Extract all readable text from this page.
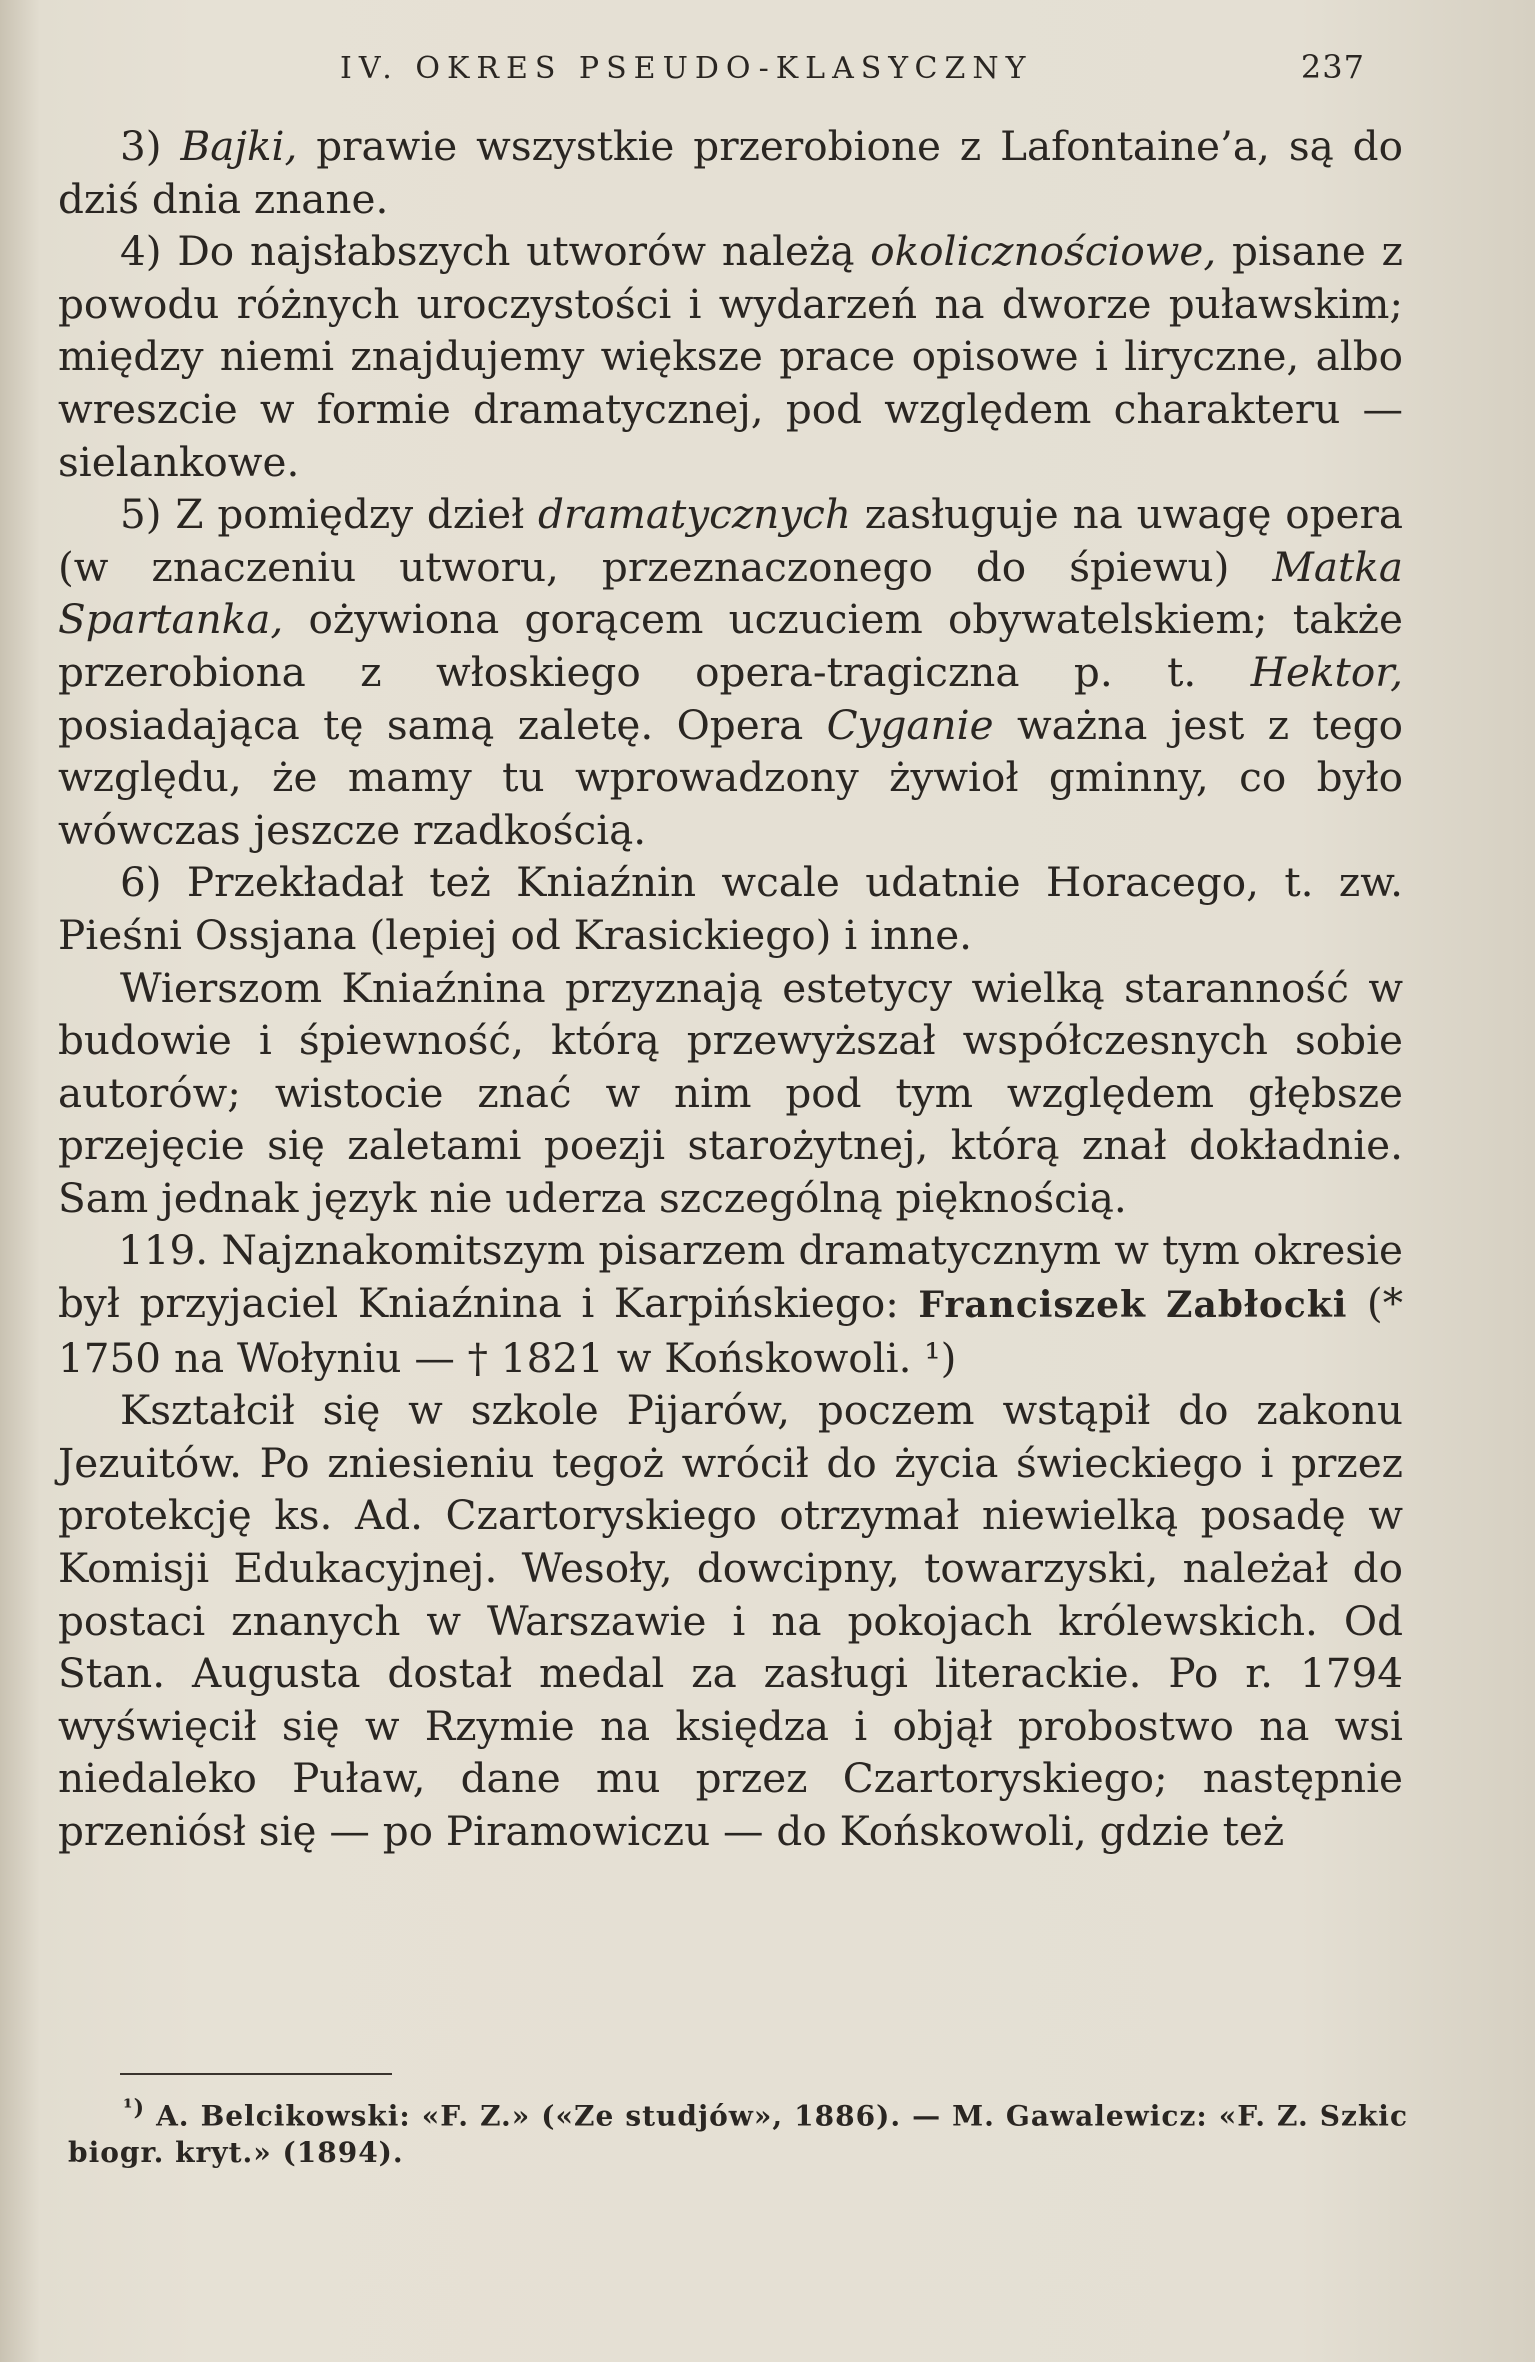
IV. OKRES PSEUDO-KLASYCZNY	237

3) Bajki, prawie wszystkie przerobione z Lafontaine’a, są do dziś dnia znane.

4) Do najsłabszych utworów należą okolicznościowe, pisane z powodu różnych uroczystości i wydarzeń na dworze puławskim; między niemi znajdujemy większe prace opisowe i liryczne, albo wreszcie w formie dramatycznej, pod względem charakteru — sielankowe.

5) Z pomiędzy dzieł dramatycznych zasługuje na uwagę opera (w znaczeniu utworu, przeznaczonego do śpiewu) Matka Spartanka, ożywiona gorącem uczuciem obywatelskiem; także przerobiona z włoskiego opera-tragiczna p. t. Hektor, posiadająca tę samą zaletę. Opera Cyganie ważna jest z tego względu, że mamy tu wprowadzony żywioł gminny, co było wówczas jeszcze rzadkością.

6) Przekładał też Kniaźnin wcale udatnie Horacego, t. zw. Pieśni Ossjana (lepiej od Krasickiego) i inne.

Wierszom Kniaźnina przyznają estetycy wielką staranność w budowie i śpiewność, którą przewyższał współczesnych sobie autorów; wistocie znać w nim pod tym względem głębsze przejęcie się zaletami poezji starożytnej, którą znał dokładnie. Sam jednak język nie uderza szczególną pięknością.

119. Najznakomitszym pisarzem dramatycznym w tym okresie był przyjaciel Kniaźnina i Karpińskiego: Franciszek Zabłocki (* 1750 na Wołyniu — † 1821 w Końskowoli. ¹)

Kształcił się w szkole Pijarów, poczem wstąpił do zakonu Jezuitów. Po zniesieniu tegoż wrócił do życia świeckiego i przez protekcję ks. Ad. Czartoryskiego otrzymał niewielką posadę w Komisji Edukacyjnej. Wesoły, dowcipny, towarzyski, należał do postaci znanych w Warszawie i na pokojach królewskich. Od Stan. Augusta dostał medal za zasługi literackie. Po r. 1794 wyświęcił się w Rzymie na księdza i objął probostwo na wsi niedaleko Puław, dane mu przez Czartoryskiego; następnie przeniósł się — po Piramowiczu — do Końskowoli, gdzie też

$^{^1)}$ A. Belcikowski: «F. Z.» («Ze studjów», 1886). — M. Gawalewicz: «F. Z. Szkic biogr. kryt.» (1894).
